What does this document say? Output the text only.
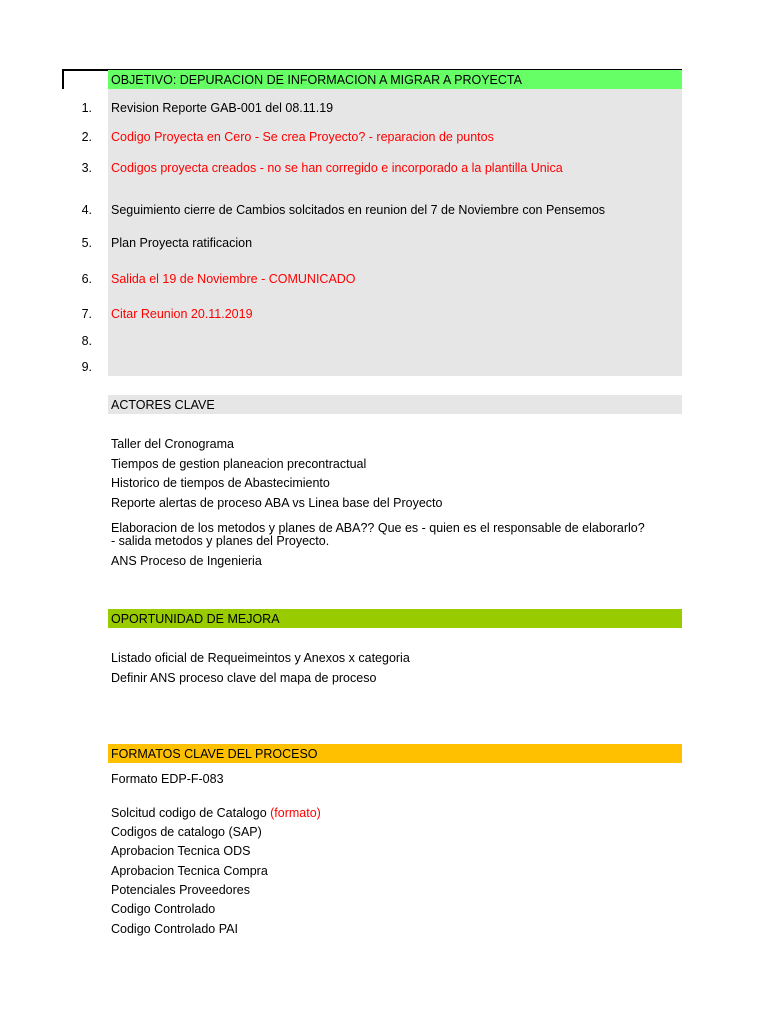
OBJETIVO: DEPURACION DE INFORMACION A MIGRAR A PROYECTA
1. Revision Reporte GAB-001 del 08.11.19
2. Codigo Proyecta en Cero - Se crea Proyecto? - reparacion de puntos
3. Codigos proyecta creados - no se han corregido e incorporado a la plantilla Unica
4. Seguimiento cierre de Cambios solcitados en reunion del 7 de Noviembre con Pensemos
5. Plan Proyecta ratificacion
6. Salida el 19 de Noviembre - COMUNICADO
7. Citar Reunion 20.11.2019
8.
9.
ACTORES CLAVE
Taller del Cronograma
Tiempos de gestion planeacion precontractual
Historico de tiempos de Abastecimiento
Reporte alertas de proceso ABA vs Linea base del Proyecto
Elaboracion de los metodos y planes de ABA?? Que es - quien es el responsable de elaborarlo?
- salida metodos y planes del Proyecto.
ANS Proceso de Ingenieria
OPORTUNIDAD DE MEJORA
Listado oficial de Requeimeintos y Anexos x categoria
Definir ANS proceso clave del mapa de proceso
FORMATOS CLAVE DEL PROCESO
Formato EDP-F-083
Solcitud codigo de Catalogo (formato)
Codigos de catalogo (SAP)
Aprobacion Tecnica ODS
Aprobacion Tecnica Compra
Potenciales Proveedores
Codigo Controlado
Codigo Controlado PAI
